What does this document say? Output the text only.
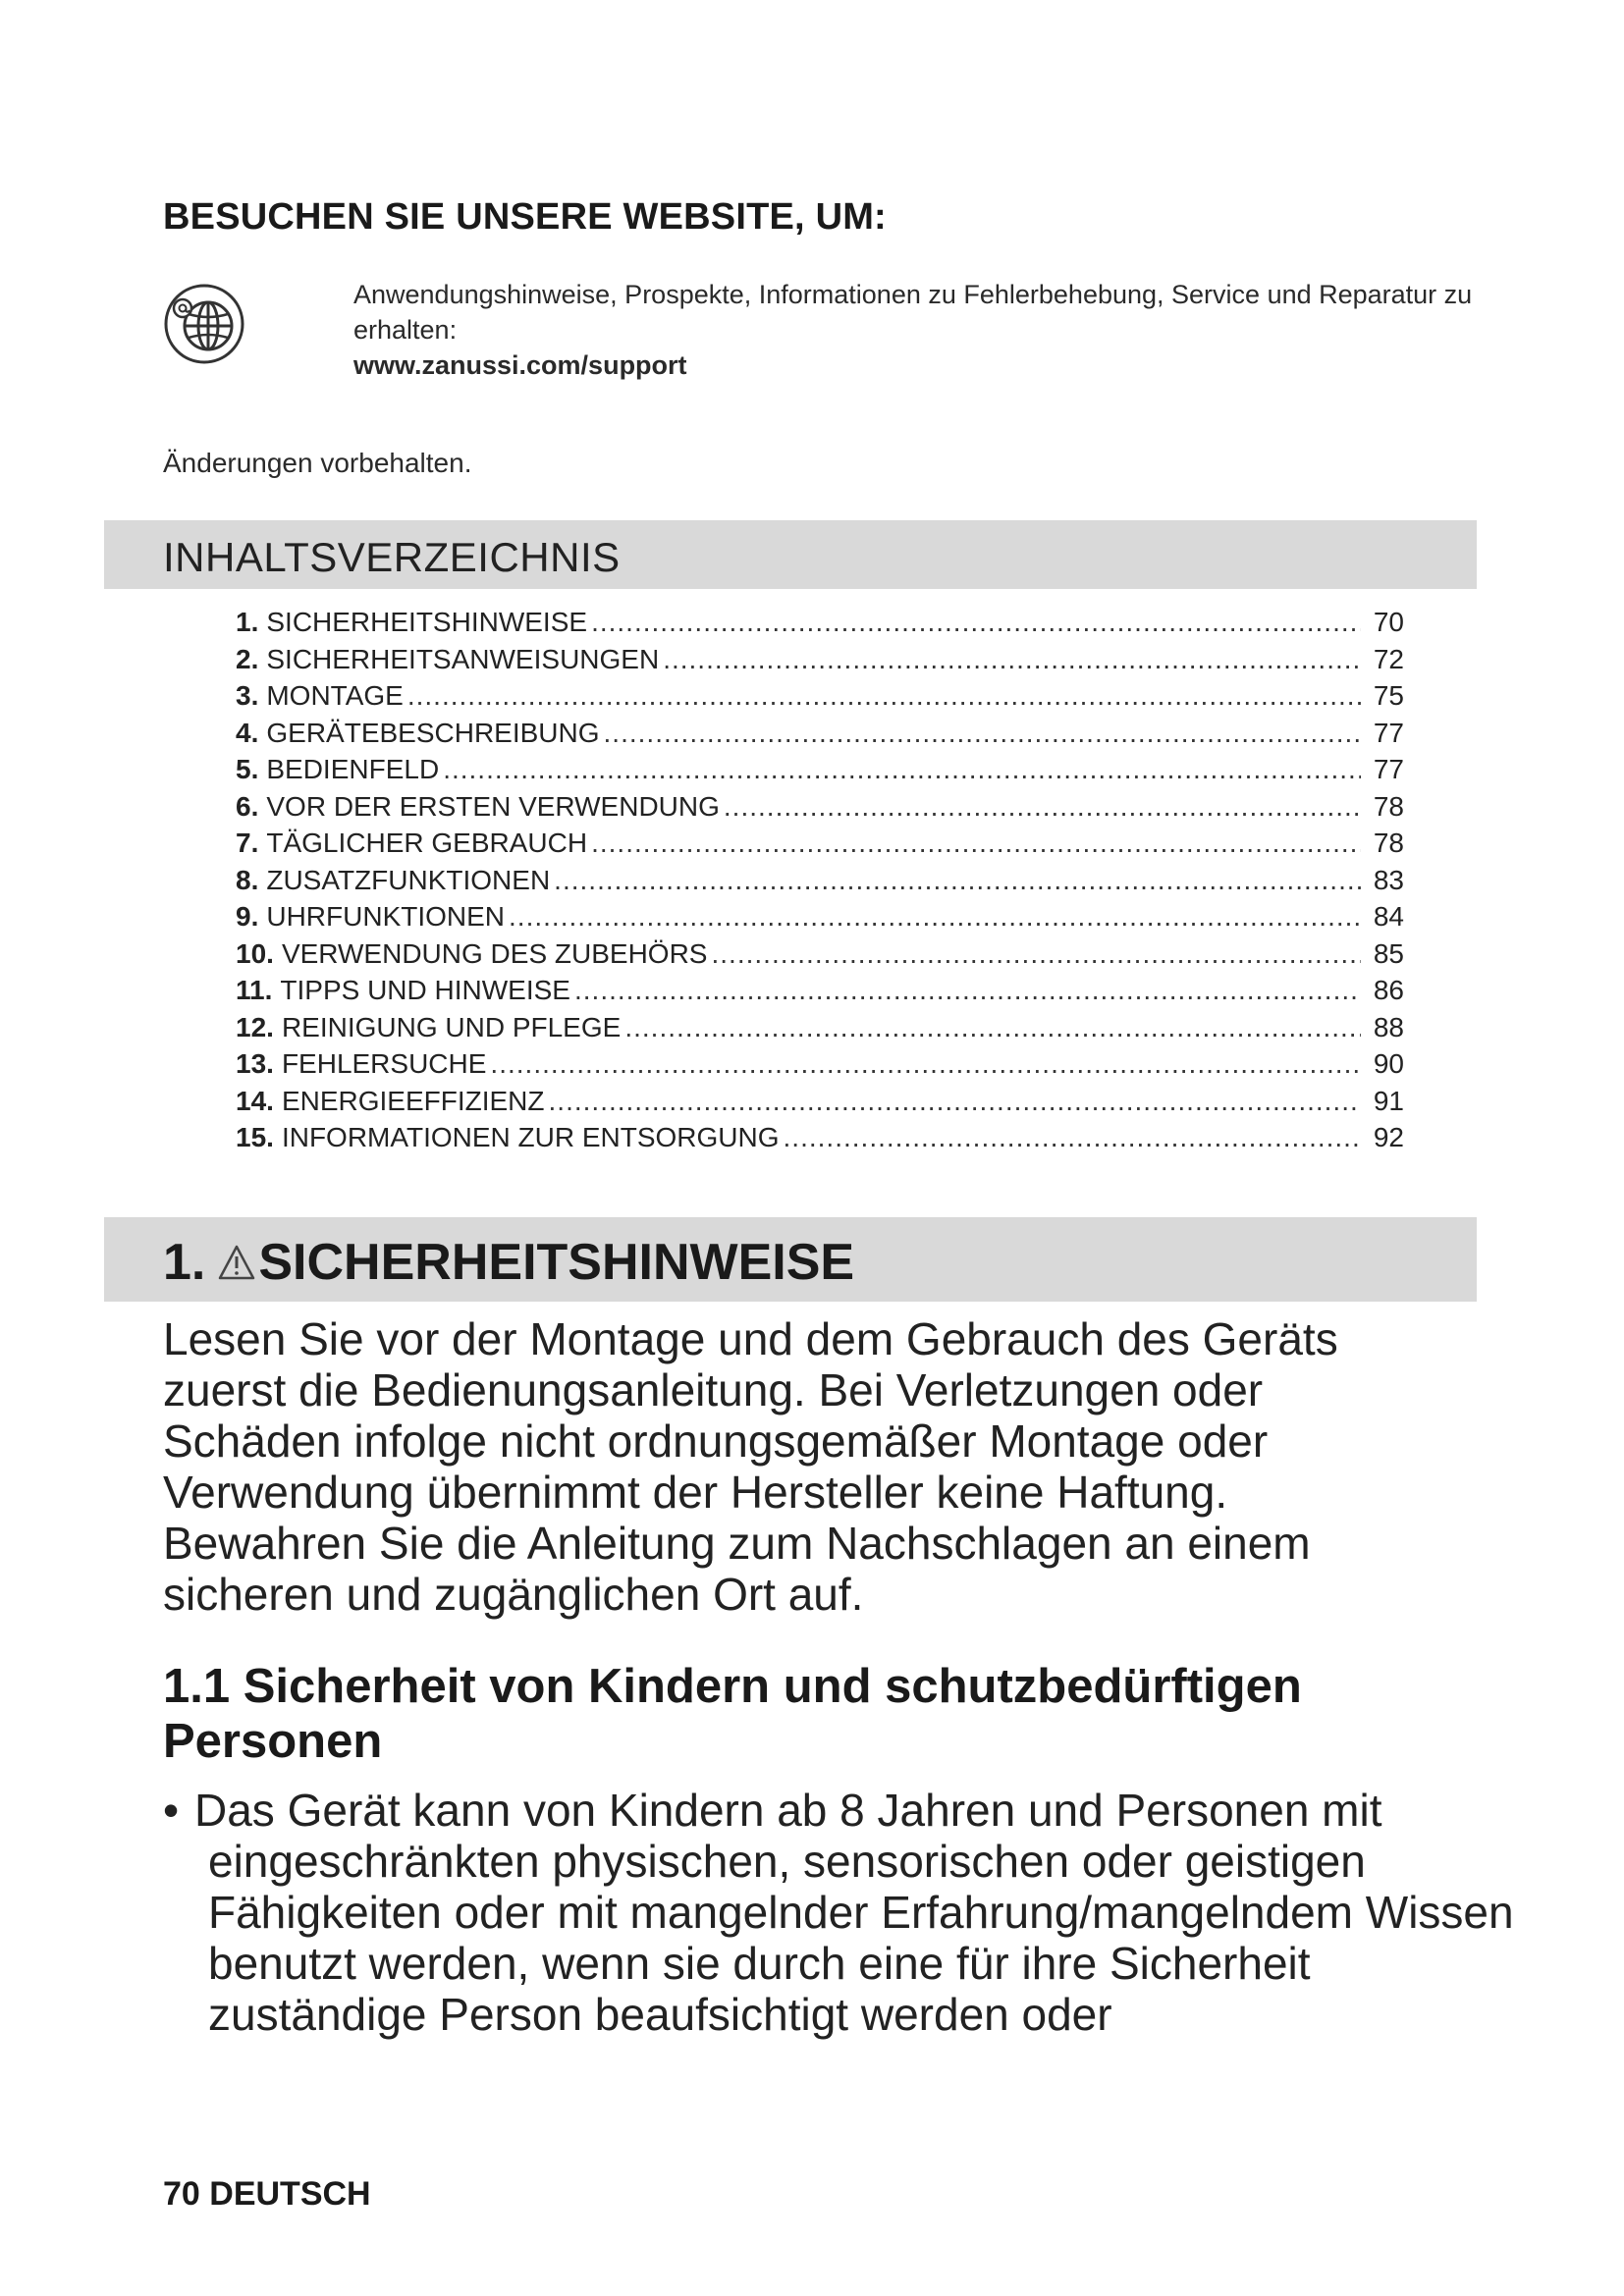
BESUCHEN SIE UNSERE WEBSITE, UM:
Anwendungshinweise, Prospekte, Informationen zu Fehlerbehebung, Service und Reparatur zu erhalten:
www.zanussi.com/support
Änderungen vorbehalten.
INHALTSVERZEICHNIS
1. SICHERHEITSHINWEISE .....	70
2. SICHERHEITSANWEISUNGEN .....	72
3. MONTAGE .....	75
4. GERÄTEBESCHREIBUNG .....	77
5. BEDIENFELD .....	77
6. VOR DER ERSTEN VERWENDUNG .....	78
7. TÄGLICHER GEBRAUCH .....	78
8. ZUSATZFUNKTIONEN .....	83
9. UHRFUNKTIONEN .....	84
10. VERWENDUNG DES ZUBEHÖRS .....	85
11. TIPPS UND HINWEISE .....	86
12. REINIGUNG UND PFLEGE .....	88
13. FEHLERSUCHE .....	90
14. ENERGIEEFFIZIENZ .....	91
15. INFORMATIONEN ZUR ENTSORGUNG .....	92
1. SICHERHEITSHINWEISE

Lesen Sie vor der Montage und dem Gebrauch des Geräts zuerst die Bedienungsanleitung. Bei Verletzungen oder Schäden infolge nicht ordnungsgemäßer Montage oder Verwendung übernimmt der Hersteller keine Haftung. Bewahren Sie die Anleitung zum Nachschlagen an einem sicheren und zugänglichen Ort auf.

1.1 Sicherheit von Kindern und schutzbedürftigen Personen

• Das Gerät kann von Kindern ab 8 Jahren und Personen mit eingeschränkten physischen, sensorischen oder geistigen Fähigkeiten oder mit mangelnder Erfahrung/mangelndem Wissen benutzt werden, wenn sie durch eine für ihre Sicherheit zuständige Person beaufsichtigt werden oder

70 DEUTSCH
